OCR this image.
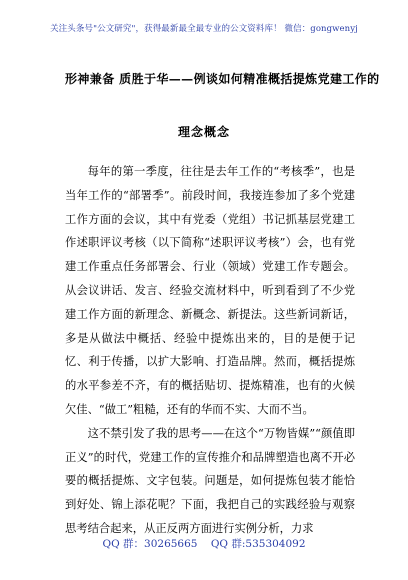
关注头条号"公文研究"，获得最新最全最专业的公文资料库！ 微信：gongwenyj
形神兼备 质胜于华——例谈如何精准概括提炼党建工作的
理念概念

每年的第一季度，往往是去年工作的“考核季”，也是当年工作的“部署季”。前段时间，我接连参加了多个党建工作方面的会议，其中有党委（党组）书记抓基层党建工作述职评议考核（以下简称“述职评议考核”）会，也有党建工作重点任务部署会、行业（领域）党建工作专题会。从会议讲话、发言、经验交流材料中，听到看到了不少党建工作方面的新理念、新概念、新提法。这些新词新话，多是从做法中概括、经验中提炼出来的，目的是便于记忆、利于传播，以扩大影响、打造品牌。然而，概括提炼的水平参差不齐，有的概括贴切、提炼精准，也有的火候欠佳、“做工”粗糙，还有的华而不实、大而不当。

这不禁引发了我的思考——在这个“万物皆媒”“颜值即正义”的时代，党建工作的宣传推介和品牌塑造也离不开必要的概括提炼、文字包装。问题是，如何提炼包装才能恰到好处、锦上添花呢？下面，我把自己的实践经验与观察思考结合起来，从正反两方面进行实例分析，力求

QQ 群：30265665 QQ 群:535304092
